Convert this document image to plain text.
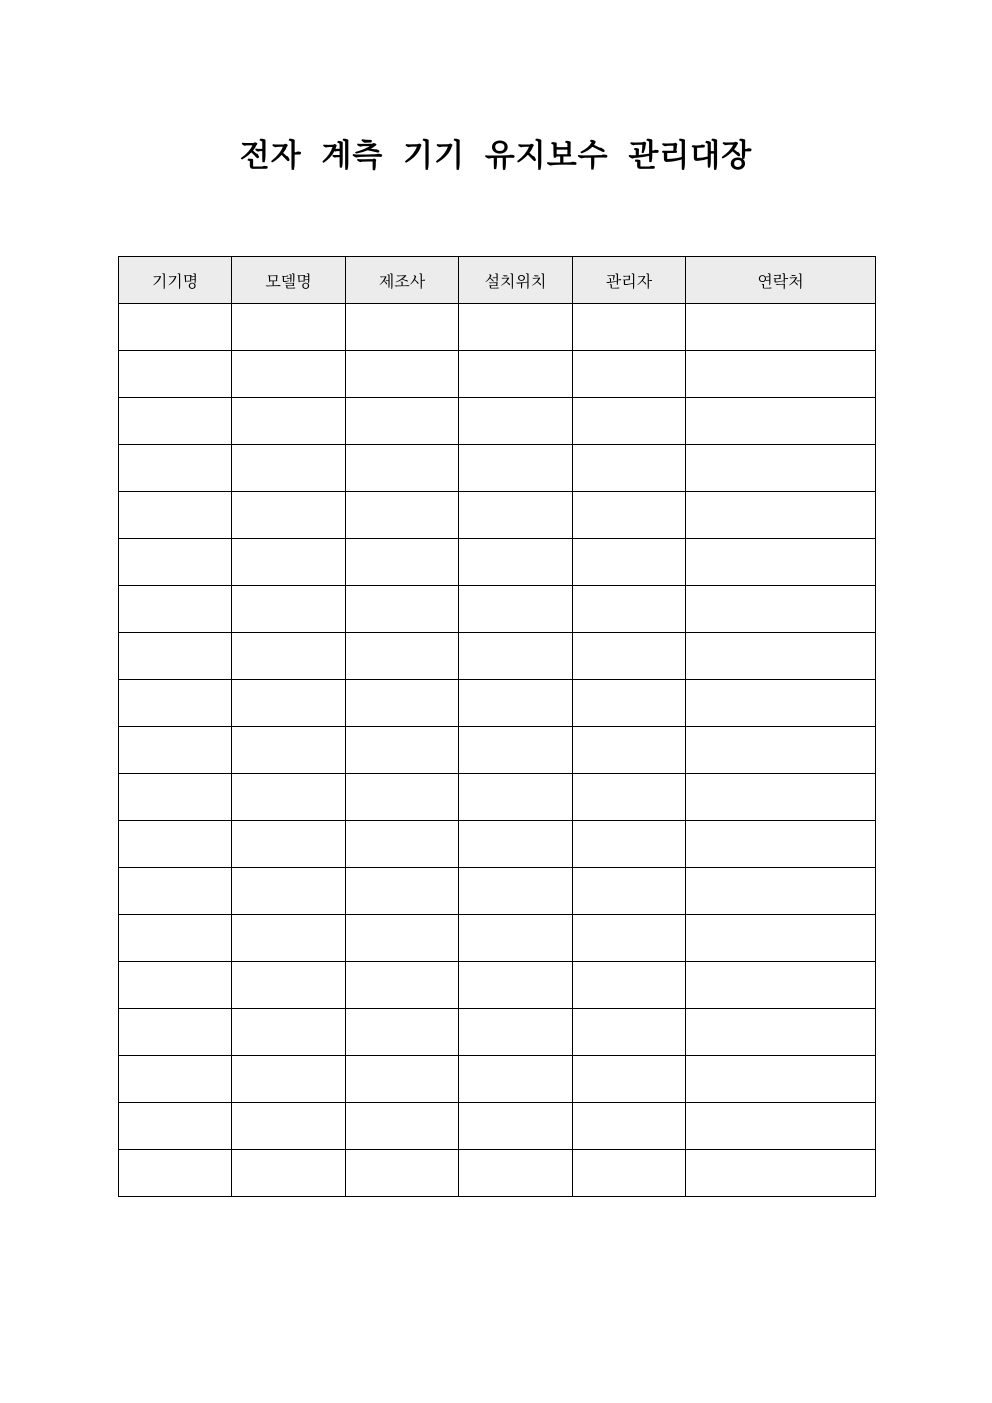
전자 계측 기기 유지보수 관리대장
기기명	모델명	제조사	설치위치	관리자	연락처
